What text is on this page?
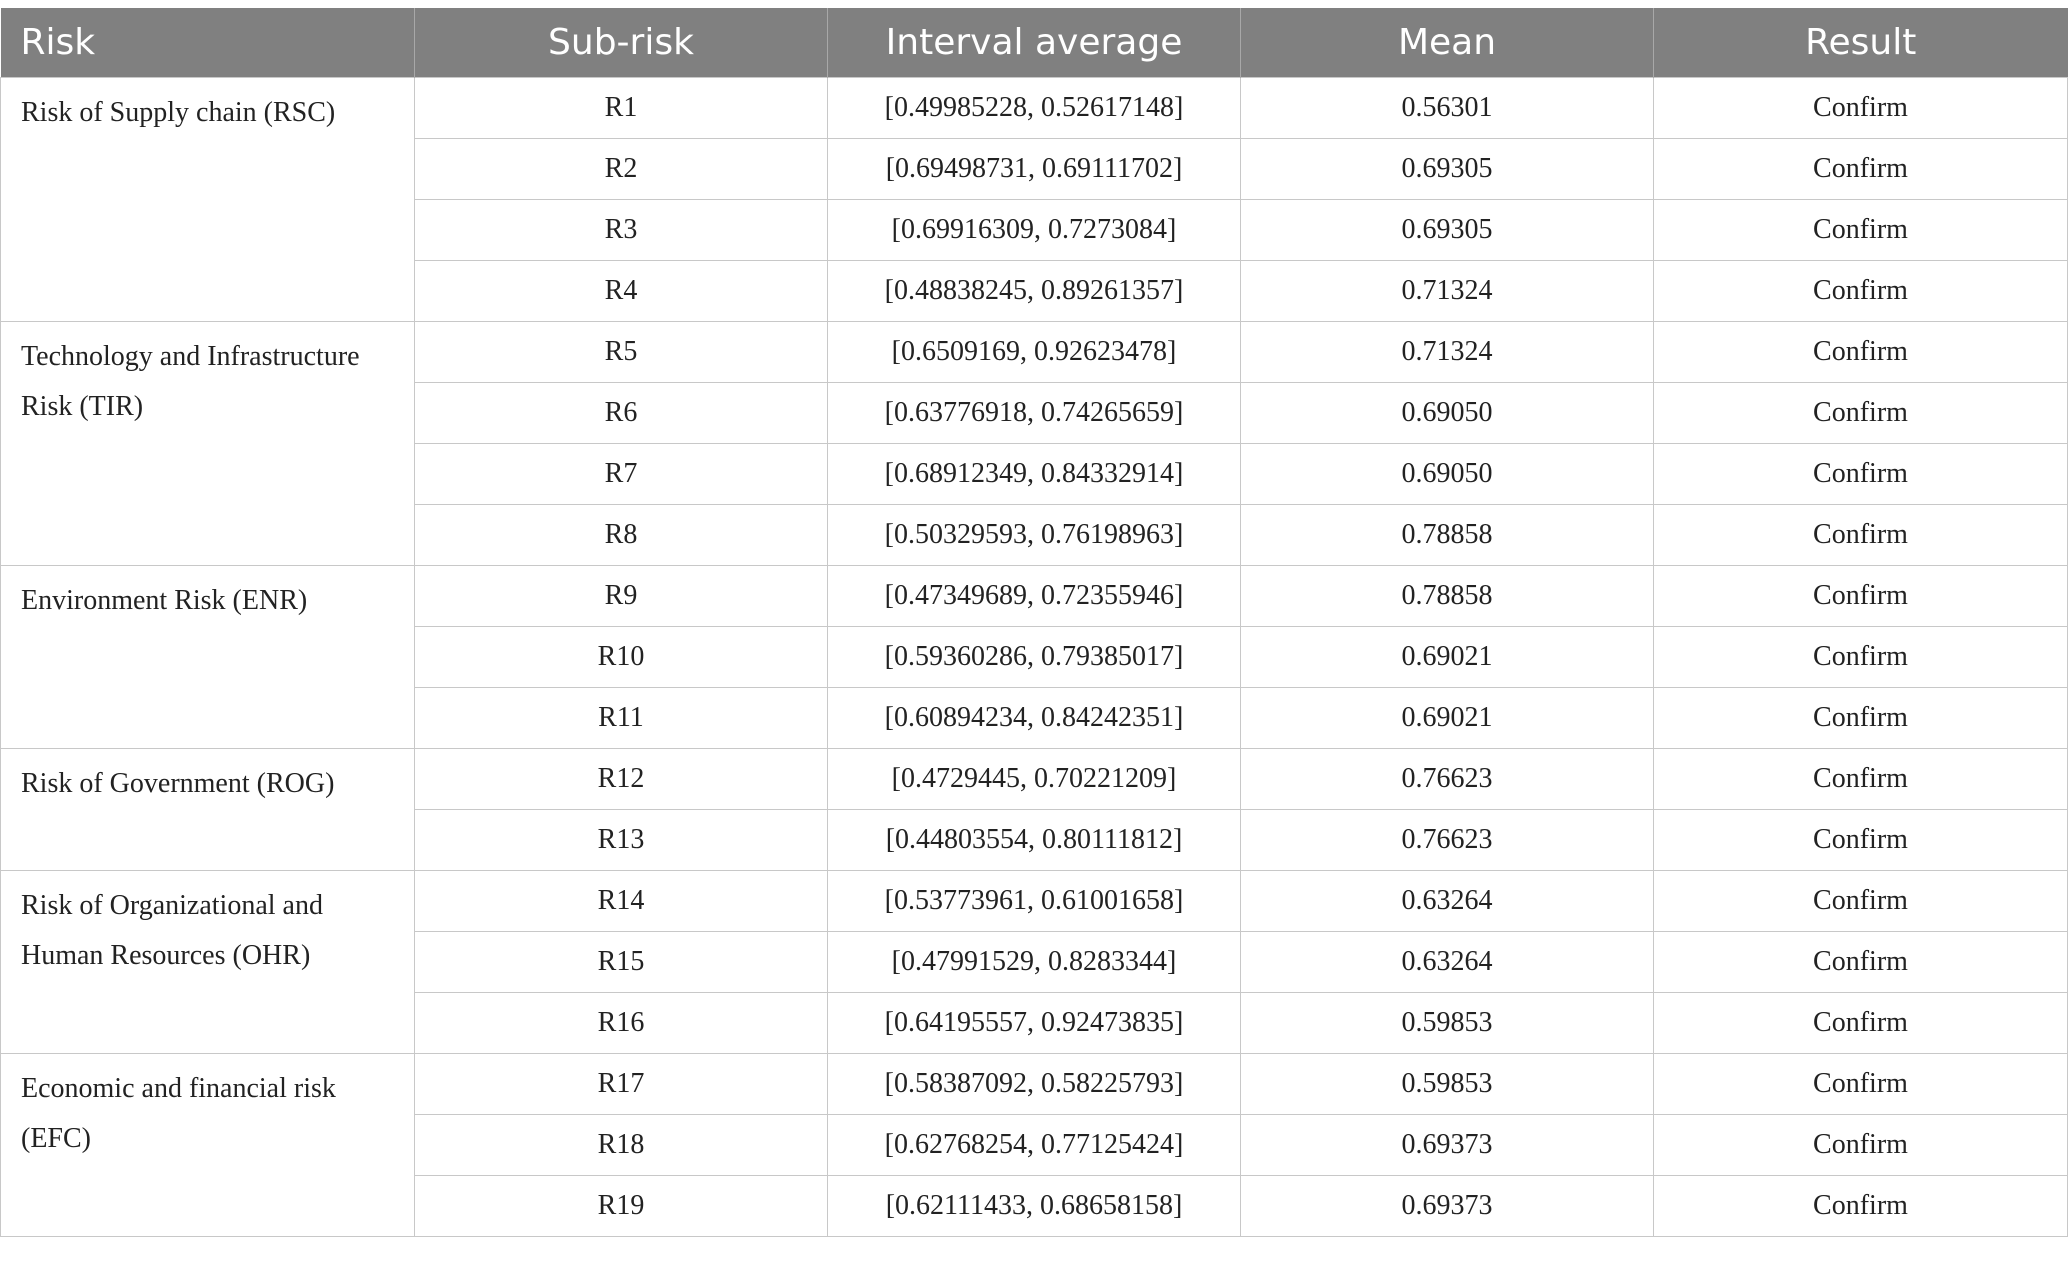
Risk	Sub-risk	Interval average	Mean	Result
Risk of Supply chain (RSC)	R1	[0.49985228, 0.52617148]	0.56301	Confirm
	R2	[0.69498731, 0.69111702]	0.69305	Confirm
	R3	[0.69916309, 0.7273084]	0.69305	Confirm
	R4	[0.48838245, 0.89261357]	0.71324	Confirm
Technology and Infrastructure Risk (TIR)	R5	[0.6509169, 0.92623478]	0.71324	Confirm
	R6	[0.63776918, 0.74265659]	0.69050	Confirm
	R7	[0.68912349, 0.84332914]	0.69050	Confirm
	R8	[0.50329593, 0.76198963]	0.78858	Confirm
Environment Risk (ENR)	R9	[0.47349689, 0.72355946]	0.78858	Confirm
	R10	[0.59360286, 0.79385017]	0.69021	Confirm
	R11	[0.60894234, 0.84242351]	0.69021	Confirm
Risk of Government (ROG)	R12	[0.4729445, 0.70221209]	0.76623	Confirm
	R13	[0.44803554, 0.80111812]	0.76623	Confirm
Risk of Organizational and Human Resources (OHR)	R14	[0.53773961, 0.61001658]	0.63264	Confirm
	R15	[0.47991529, 0.8283344]	0.63264	Confirm
	R16	[0.64195557, 0.92473835]	0.59853	Confirm
Economic and financial risk (EFC)	R17	[0.58387092, 0.58225793]	0.59853	Confirm
	R18	[0.62768254, 0.77125424]	0.69373	Confirm
	R19	[0.62111433, 0.68658158]	0.69373	Confirm
